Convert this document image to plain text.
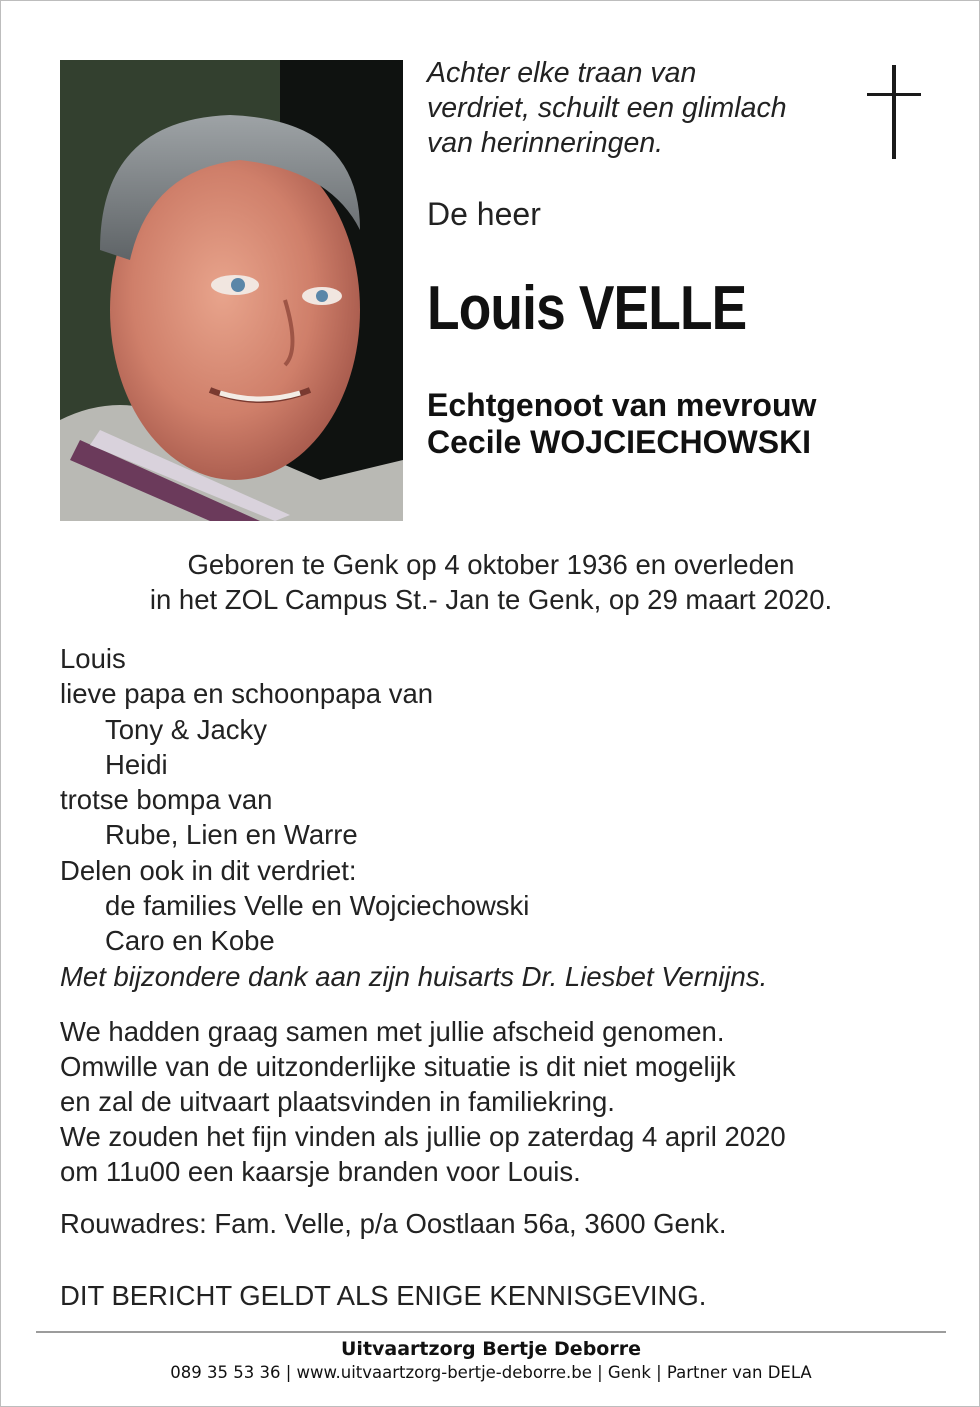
Achter elke traan van
verdriet, schuilt een glimlach
van herinneringen.
De heer
Louis VELLE
Echtgenoot van mevrouw
Cecile WOJCIECHOWSKI
Geboren te Genk op 4 oktober 1936 en overleden
in het ZOL Campus St.- Jan te Genk, op 29 maart 2020.
Louis
lieve papa en schoonpapa van
Tony & Jacky
Heidi
trotse bompa van
Rube, Lien en Warre
Delen ook in dit verdriet:
de families Velle en Wojciechowski
Caro en Kobe
Met bijzondere dank aan zijn huisarts Dr. Liesbet Vernijns.
We hadden graag samen met jullie afscheid genomen.
Omwille van de uitzonderlijke situatie is dit niet mogelijk
en zal de uitvaart plaatsvinden in familiekring.
We zouden het fijn vinden als jullie op zaterdag 4 april 2020
om 11u00 een kaarsje branden voor Louis.
Rouwadres: Fam. Velle, p/a Oostlaan 56a, 3600 Genk.
DIT BERICHT GELDT ALS ENIGE KENNISGEVING.
Uitvaartzorg Bertje Deborre
089 35 53 36 | www.uitvaartzorg-bertje-deborre.be | Genk | Partner van DELA
